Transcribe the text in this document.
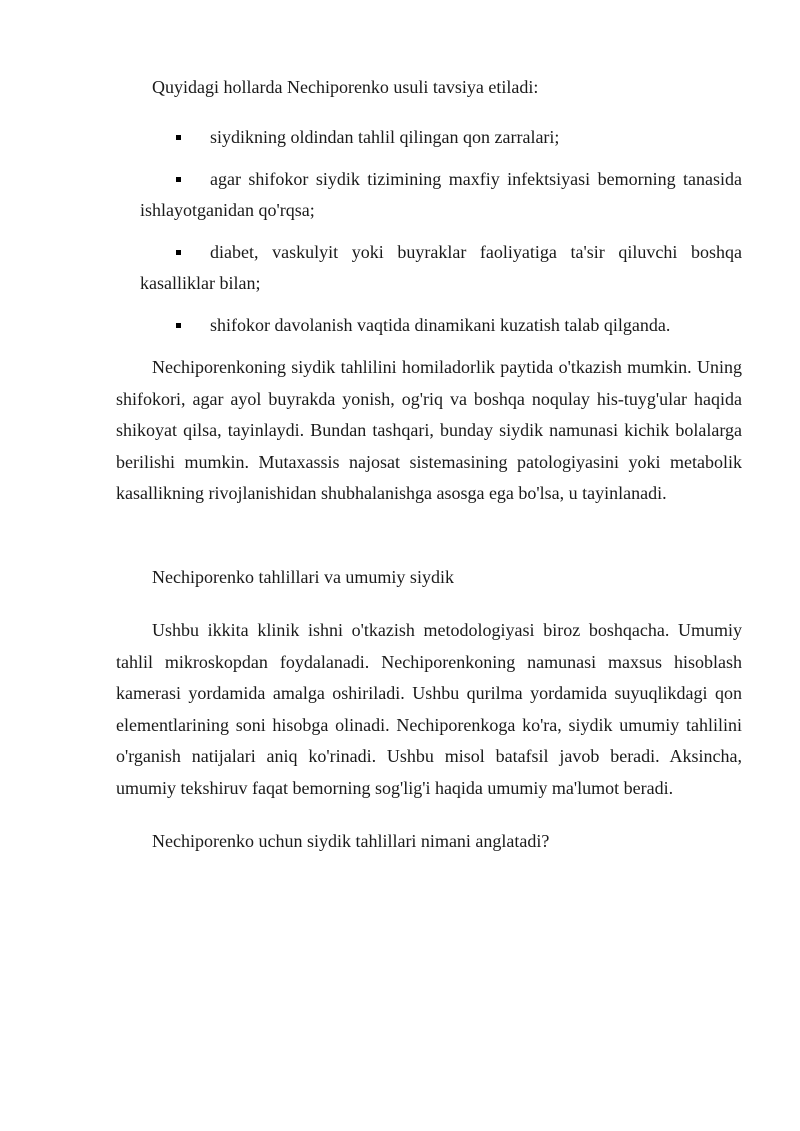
Quyidagi hollarda Nechiporenko usuli tavsiya etiladi:

siydikning oldindan tahlil qilingan qon zarralari;
agar shifokor siydik tizimining maxfiy infektsiyasi bemorning tanasida ishlayotganidan qo'rqsa;
diabet, vaskulyit yoki buyraklar faoliyatiga ta'sir qiluvchi boshqa kasalliklar bilan;
shifokor davolanish vaqtida dinamikani kuzatish talab qilganda.

Nechiporenkoning siydik tahlilini homiladorlik paytida o'tkazish mumkin. Uning shifokori, agar ayol buyrakda yonish, og'riq va boshqa noqulay his-tuyg'ular haqida shikoyat qilsa, tayinlaydi. Bundan tashqari, bunday siydik namunasi kichik bolalarga berilishi mumkin. Mutaxassis najosat sistemasining patologiyasini yoki metabolik kasallikning rivojlanishidan shubhalanishga asosga ega bo'lsa, u tayinlanadi.

Nechiporenko tahlillari va umumiy siydik

Ushbu ikkita klinik ishni o'tkazish metodologiyasi biroz boshqacha. Umumiy tahlil mikroskopdan foydalanadi. Nechiporenkoning namunasi maxsus hisoblash kamerasi yordamida amalga oshiriladi. Ushbu qurilma yordamida suyuqlikdagi qon elementlarining soni hisobga olinadi. Nechiporenkoga ko'ra, siydik umumiy tahlilini o'rganish natijalari aniq ko'rinadi. Ushbu misol batafsil javob beradi. Aksincha, umumiy tekshiruv faqat bemorning sog'lig'i haqida umumiy ma'lumot beradi.

Nechiporenko uchun siydik tahlillari nimani anglatadi?
